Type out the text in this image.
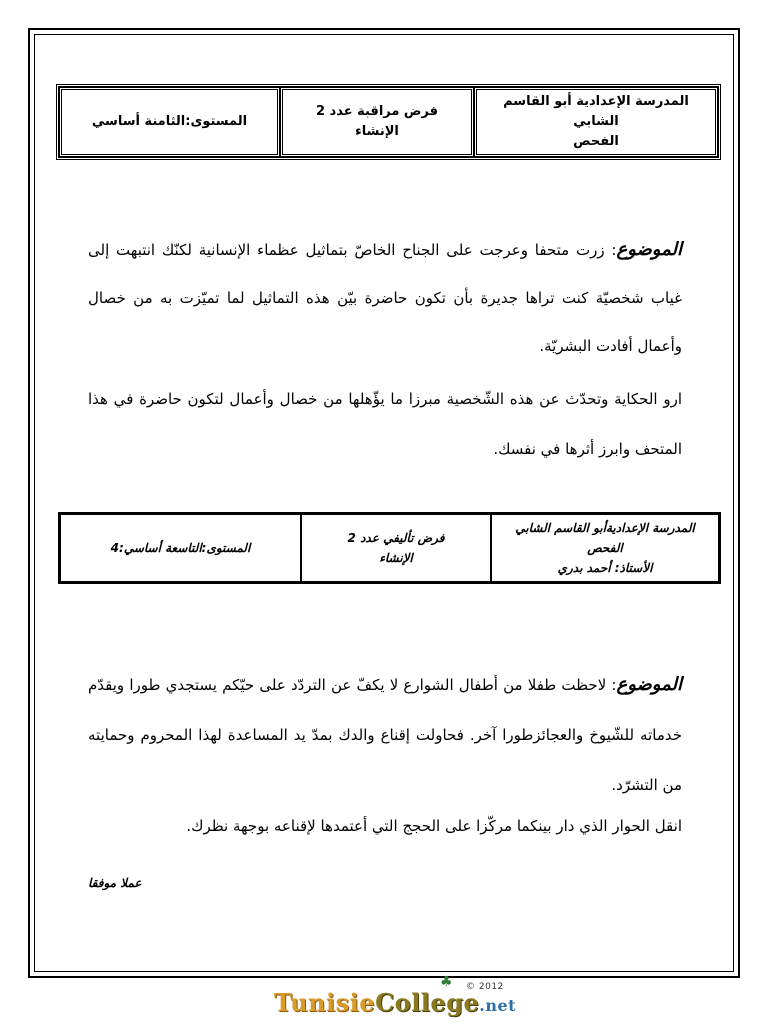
المدرسة الإعدادية أبو القاسم الشابي
الفحص

فرض مراقبة عدد 2
الإنشاء

المستوى:الثامنة أساسي
الموضوع: زرت متحفا وعرجت على الجناح الخاصّ بتماثيل عظماء الإنسانية لكنّك انتبهت إلى غياب شخصيّة كنت تراها جديرة بأن تكون حاضرة بيّن هذه التماثيل لما تميّزت به من خصال وأعمال أفادت البشريّة.
ارو الحكاية وتحدّث عن هذه الشّخصية مبرزا ما يؤّهلها من خصال وأعمال لتكون حاضرة في هذا المتحف وابرز أثرها في نفسك.
المدرسة الإعداديةأبو القاسم الشابي
الفحص
الأستاذ: أحمد بدري

فرض تأليفي عدد 2
الإنشاء

المستوى:التاسعة أساسي:4
الموضوع: لاحظت طفلا من أطفال الشوارع لا يكفّ عن التردّد على حيّكم يستجدي طورا ويقدّم خدماته للشّيوخ والعجائزطورا آخر. فحاولت إقناع والدك بمدّ يد المساعدة لهذا المحروم وحمايته من التشرّد.
انقل الحوار الذي دار بينكما مركّزا على الحجج التي أعتمدها لإقناعه بوجهة نظرك.
عملا موفقا
♣ © 2012
TunisieCollege.net
